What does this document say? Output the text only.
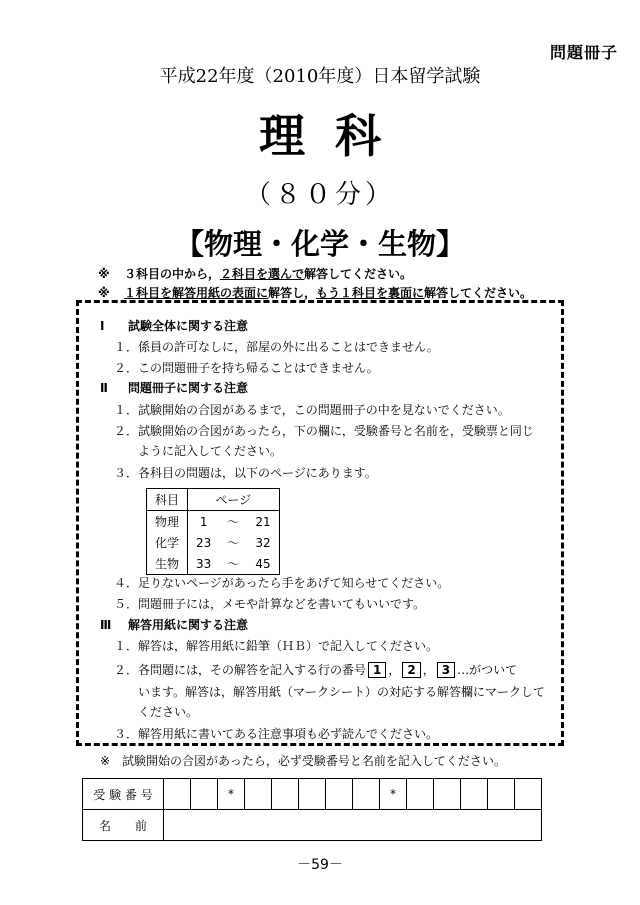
問題冊子
平成22年度（2010年度）日本留学試験
理科
（８０分）
【物理・化学・生物】
※ ３科目の中から，２科目を選んで解答してください。
※ １科目を解答用紙の表面に解答し，もう１科目を裏面に解答してください。
Ⅰ 試験全体に関する注意
１．係員の許可なしに，部屋の外に出ることはできません。
２．この問題冊子を持ち帰ることはできません。
Ⅱ 問題冊子に関する注意
１．試験開始の合図があるまで，この問題冊子の中を見ないでください。
２．試験開始の合図があったら，下の欄に，受験番号と名前を，受験票と同じ
ように記入してください。
３．各科目の問題は，以下のページにあります。
科目	ページ		
物理	1	～	21
化学	23	～	32
生物	33	～	45
４．足りないページがあったら手をあげて知らせてください。
５．問題冊子には，メモや計算などを書いてもいいです。
Ⅲ 解答用紙に関する注意
１．解答は，解答用紙に鉛筆（ＨＢ）で記入してください。
２．各問題には，その解答を記入する行の番号 1 ， 2 ， 3 …がついて
います。解答は，解答用紙（マークシート）の対応する解答欄にマークして
ください。
３．解答用紙に書いてある注意事項も必ず読んでください。
※　試験開始の合図があったら，必ず受験番号と名前を記入してください。
受 験 番 号			*						*					
名　　前														
－59－
